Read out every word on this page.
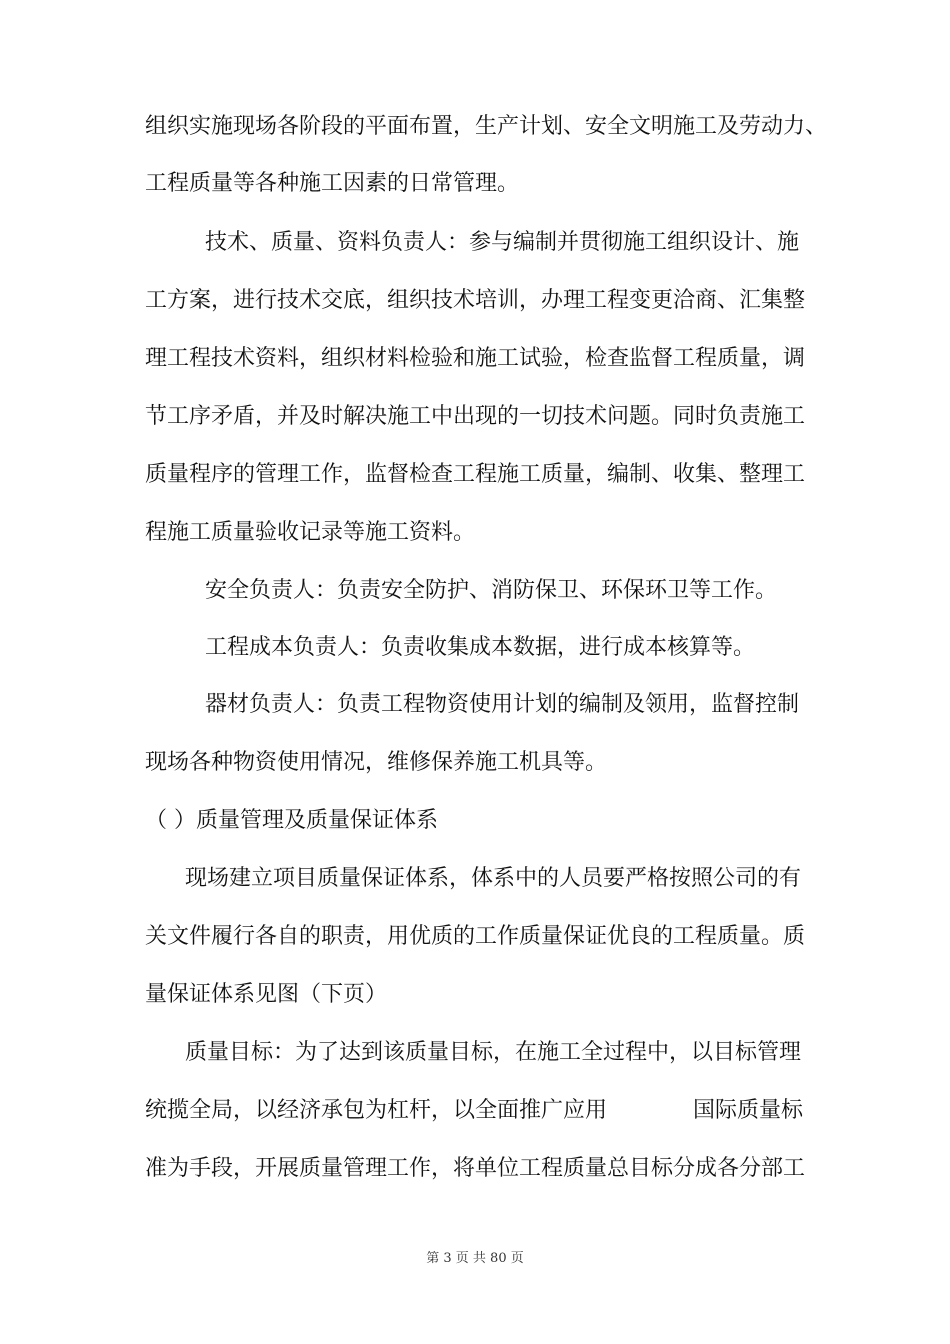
组织实施现场各阶段的平面布置，生产计划、安全文明施工及劳动力、
工程质量等各种施工因素的日常管理。
技术、质量、资料负责人：参与编制并贯彻施工组织设计、施
工方案，进行技术交底，组织技术培训，办理工程变更洽商、汇集整
理工程技术资料，组织材料检验和施工试验，检查监督工程质量，调
节工序矛盾，并及时解决施工中出现的一切技术问题。同时负责施工
质量程序的管理工作，监督检查工程施工质量，编制、收集、整理工
程施工质量验收记录等施工资料。
安全负责人：负责安全防护、消防保卫、环保环卫等工作。
工程成本负责人：负责收集成本数据，进行成本核算等。
器材负责人：负责工程物资使用计划的编制及领用，监督控制
现场各种物资使用情况，维修保养施工机具等。
（ ）质量管理及质量保证体系
现场建立项目质量保证体系，体系中的人员要严格按照公司的有
关文件履行各自的职责，用优质的工作质量保证优良的工程质量。质
量保证体系见图（下页）
质量目标：为了达到该质量目标，在施工全过程中，以目标管理
统揽全局，以经济承包为杠杆，以全面推广应用	国际质量标
准为手段，开展质量管理工作，将单位工程质量总目标分成各分部工
第 3 页 共 80 页
